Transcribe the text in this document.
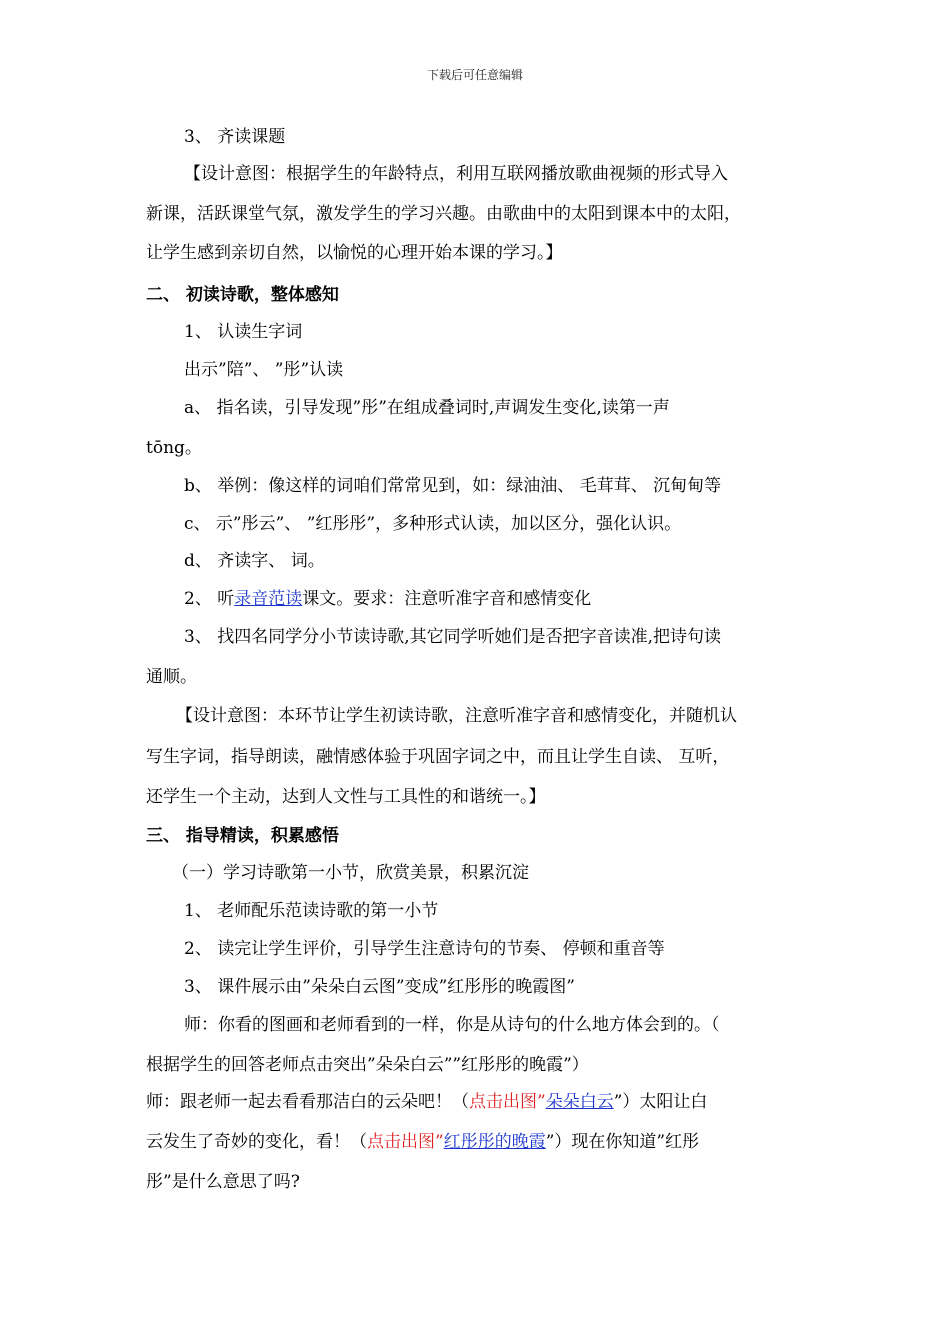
下载后可任意编辑
3、 齐读课题
【设计意图：根据学生的年龄特点，利用互联网播放歌曲视频的形式导入
新课，活跃课堂气氛，激发学生的学习兴趣。由歌曲中的太阳到课本中的太阳，
让学生感到亲切自然，以愉悦的心理开始本课的学习。】
二、 初读诗歌，整体感知
1、 认读生字词
出示”陪”、 ”彤”认读
a、 指名读，引导发现”彤”在组成叠词时,声调发生变化,读第一声
tōng。
b、 举例：像这样的词咱们常常见到，如：绿油油、 毛茸茸、 沉甸甸等
c、 示”彤云”、 ”红彤彤”，多种形式认读，加以区分，强化认识。
d、 齐读字、 词。
2、 听录音范读课文。要求：注意听准字音和感情变化
3、 找四名同学分小节读诗歌,其它同学听她们是否把字音读准,把诗句读
通顺。
【设计意图：本环节让学生初读诗歌，注意听准字音和感情变化，并随机认
写生字词，指导朗读，融情感体验于巩固字词之中，而且让学生自读、 互听，
还学生一个主动，达到人文性与工具性的和谐统一。】
三、 指导精读，积累感悟
（一）学习诗歌第一小节，欣赏美景，积累沉淀
1、 老师配乐范读诗歌的第一小节
2、 读完让学生评价，引导学生注意诗句的节奏、 停顿和重音等
3、 课件展示由”朵朵白云图”变成”红彤彤的晚霞图”
师：你看的图画和老师看到的一样，你是从诗句的什么地方体会到的。（
根据学生的回答老师点击突出”朵朵白云””红彤彤的晚霞”）
师：跟老师一起去看看那洁白的云朵吧！（点击出图”朵朵白云”）太阳让白
云发生了奇妙的变化，看！（点击出图”红彤彤的晚霞”）现在你知道”红彤
彤”是什么意思了吗?
